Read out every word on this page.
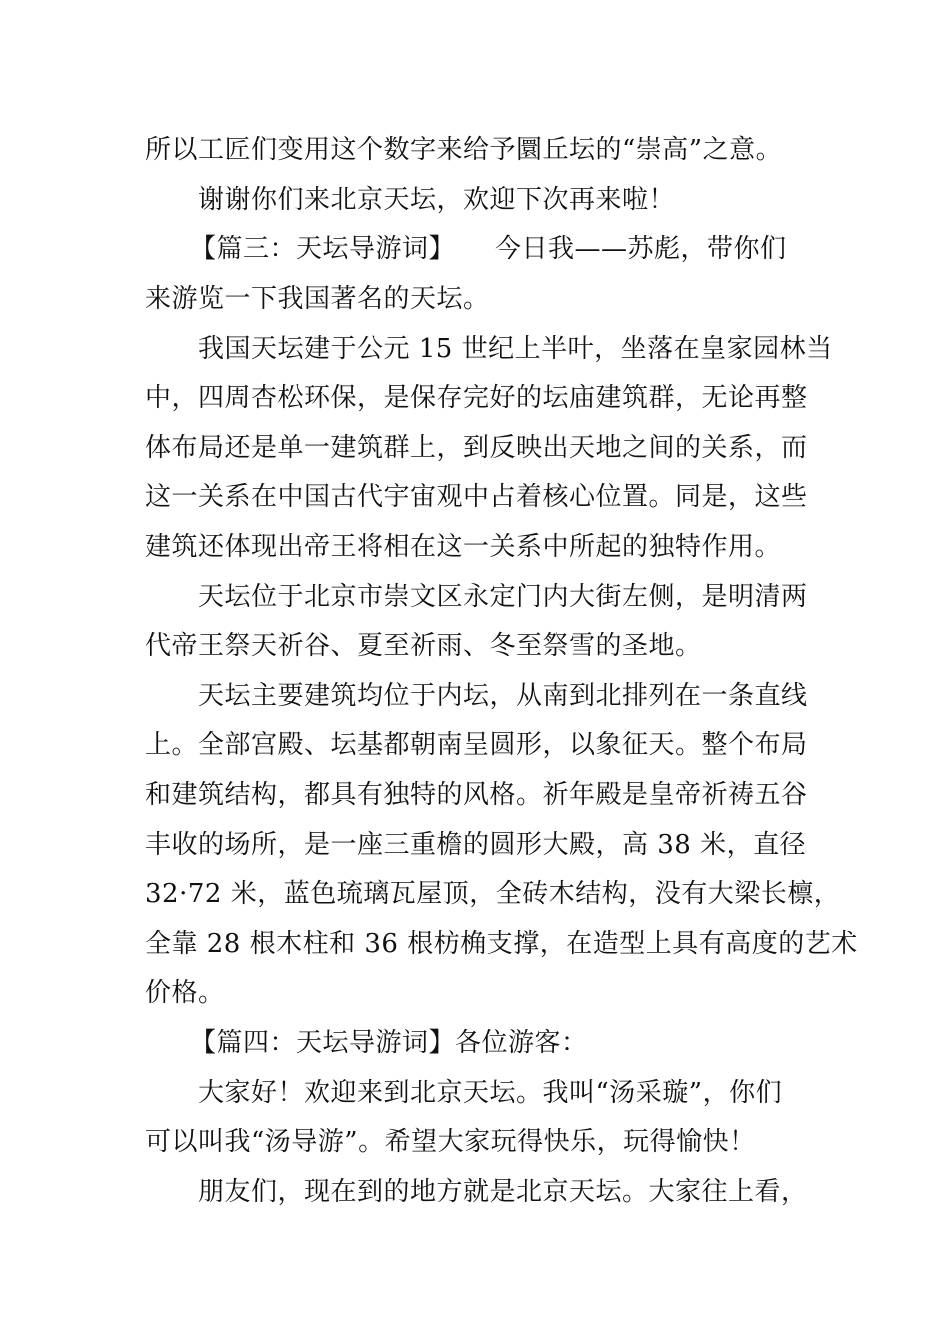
所以工匠们变用这个数字来给予圜丘坛的“崇高”之意。
谢谢你们来北京天坛，欢迎下次再来啦！
【篇三：天坛导游词】　　今日我——苏彪，带你们
来游览一下我国著名的天坛。
我国天坛建于公元 15 世纪上半叶，坐落在皇家园林当
中，四周杏松环保，是保存完好的坛庙建筑群，无论再整
体布局还是单一建筑群上，到反映出天地之间的关系，而
这一关系在中国古代宇宙观中占着核心位置。同是，这些
建筑还体现出帝王将相在这一关系中所起的独特作用。
天坛位于北京市崇文区永定门内大街左侧，是明清两
代帝王祭天祈谷、夏至祈雨、冬至祭雪的圣地。
天坛主要建筑均位于内坛，从南到北排列在一条直线
上。全部宫殿、坛基都朝南呈圆形，以象征天。整个布局
和建筑结构，都具有独特的风格。祈年殿是皇帝祈祷五谷
丰收的场所，是一座三重檐的圆形大殿，高 38 米，直径
32·72 米，蓝色琉璃瓦屋顶，全砖木结构，没有大梁长檩，
全靠 28 根木柱和 36 根枋桷支撑，在造型上具有高度的艺术
价格。
【篇四：天坛导游词】各位游客：
大家好！欢迎来到北京天坛。我叫“汤采璇”，你们
可以叫我“汤导游”。希望大家玩得快乐，玩得愉快！
朋友们，现在到的地方就是北京天坛。大家往上看，
